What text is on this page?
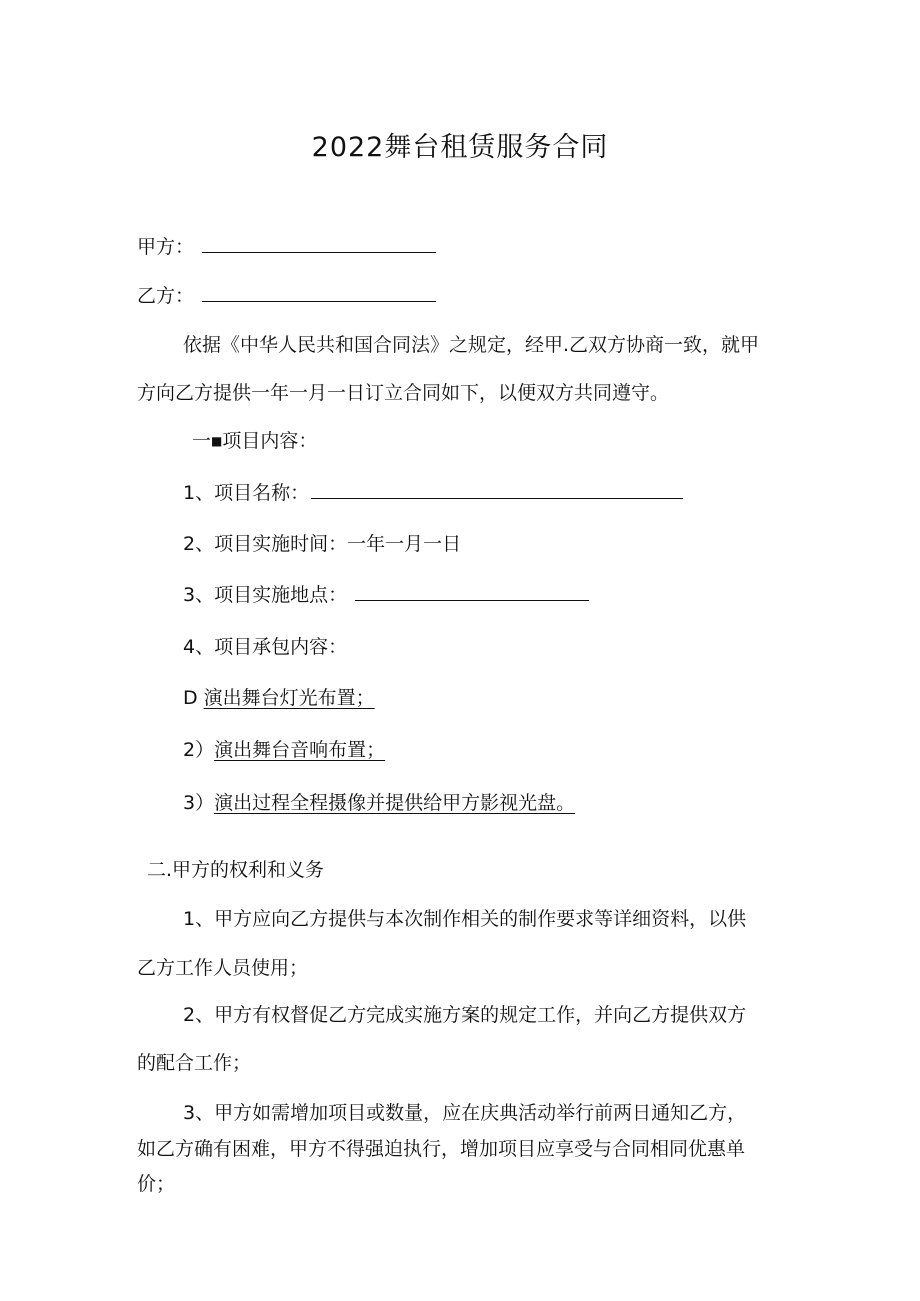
2022舞台租赁服务合同
甲方：
乙方：
依据《中华人民共和国合同法》之规定，经甲.乙双方协商一致，就甲
方向乙方提供一年一月一日订立合同如下，以便双方共同遵守。
一■项目内容：
1、项目名称：
2、项目实施时间：一年一月一日
3、项目实施地点：
4、项目承包内容：
D 演出舞台灯光布置；
2）演出舞台音响布置；
3）演出过程全程摄像并提供给甲方影视光盘。
二.甲方的权利和义务
1、甲方应向乙方提供与本次制作相关的制作要求等详细资料，以供
乙方工作人员使用；
2、甲方有权督促乙方完成实施方案的规定工作，并向乙方提供双方
的配合工作；
3、甲方如需增加项目或数量，应在庆典活动举行前两日通知乙方，
如乙方确有困难，甲方不得强迫执行，增加项目应享受与合同相同优惠单
价；
